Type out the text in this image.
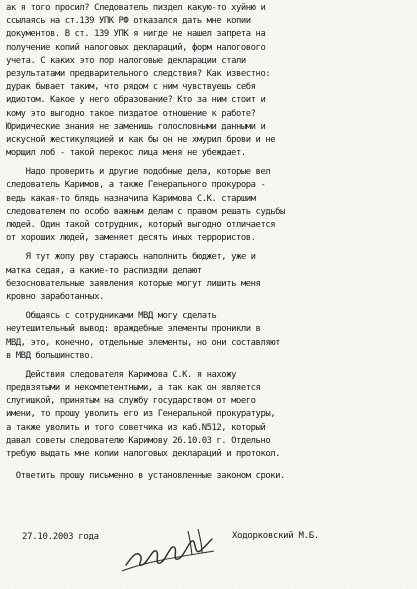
ак я того просил? Следователь пиздел какую-то хуйню и
ссылаясь на ст.139 УПК РФ отказался дать мне копии
документов. В ст. 139 УПК я нигде не нашел запрета на
получение копий налоговых деклараций, форм налогового
учета. С каких это пор налоговые декларации стали
результатами предварительного следствия? Как известно:
дурак бывает таким, что рядом с ним чувствуешь себя
идиотом. Какое у него образование? Кто за ним стоит и
кому это выгодно такое пиздатое отношение к работе?
Юридические знания не заменишь голословными данными и
искусной жестикуляцией и как бы он не хмурил брови и не
морщил лоб - такой перекос лица меня не убеждает.
Надо проверить и другие подобные дела, которые вел
следователь Каримов, а также Генерального прокурора -
ведь какая-то блядь назначила Каримова С.К. старшим
следователем по особо важным делам с правом решать судьбы
людей. Один такой сотрудник, который выгодно отличается
от хороших людей, заменяет десять иных террористов.
Я тут жопу рву стараюсь наполнить бюджет, уже и
матка седая, а какие-то распиздяи делают
безосновательные заявления которые могут лишить меня
кровно заработанных.
Общаясь с сотрудниками МВД могу сделать
неутешительный вывод: враждебные элементы проникли в
МВД, это, конечно, отдельные элементы, но они составляют
в МВД большинство.
Действия следователя Каримова С.К. я нахожу
предвзятыми и некомпетентными, а так как он является
слугишкой, принятым на службу государством от моего
имени, то прошу уволить его из Генеральной прокуратуры,
а также уволить и того советчика из каб.N512, который
давал советы следователю Каримову 26.10.03 г. Отдельно
требую выдать мне копии налоговых деклараций и протокол.
Ответить прошу письменно в установленные законом сроки.
27.10.2003 года	Ходорковский М.Б.
